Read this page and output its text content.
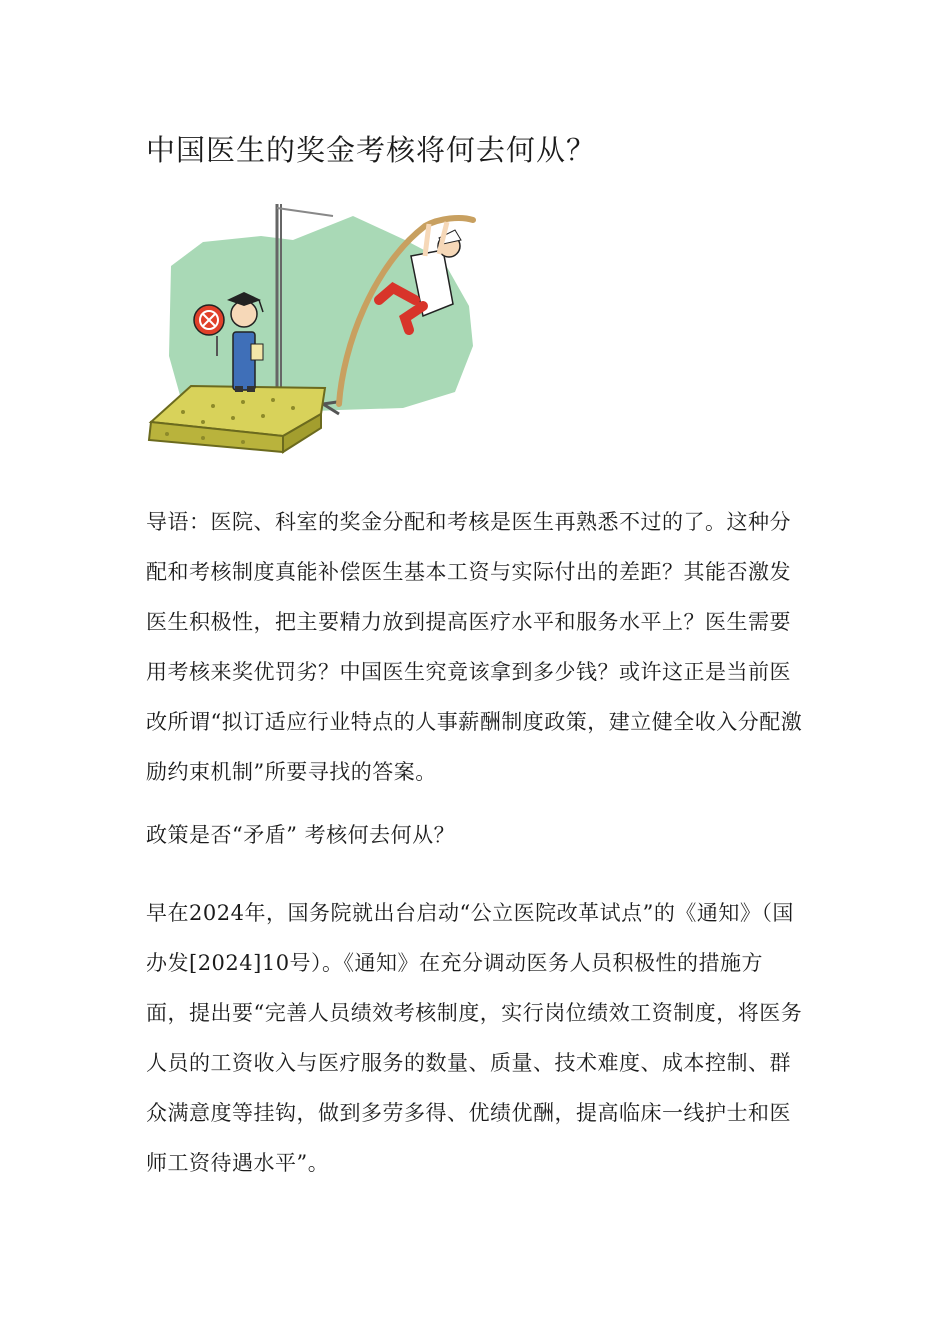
中国医生的奖金考核将何去何从？

导语：医院、科室的奖金分配和考核是医生再熟悉不过的了。这种分配和考核制度真能补偿医生基本工资与实际付出的差距？其能否激发医生积极性，把主要精力放到提高医疗水平和服务水平上？医生需要用考核来奖优罚劣？中国医生究竟该拿到多少钱？或许这正是当前医改所谓“拟订适应行业特点的人事薪酬制度政策，建立健全收入分配激励约束机制”所要寻找的答案。

政策是否“矛盾” 考核何去何从？

早在2024年，国务院就出台启动“公立医院改革试点”的《通知》（国办发[2024]10号）。《通知》在充分调动医务人员积极性的措施方面，提出要“完善人员绩效考核制度，实行岗位绩效工资制度，将医务人员的工资收入与医疗服务的数量、质量、技术难度、成本控制、群众满意度等挂钩，做到多劳多得、优绩优酬，提高临床一线护士和医师工资待遇水平”。
